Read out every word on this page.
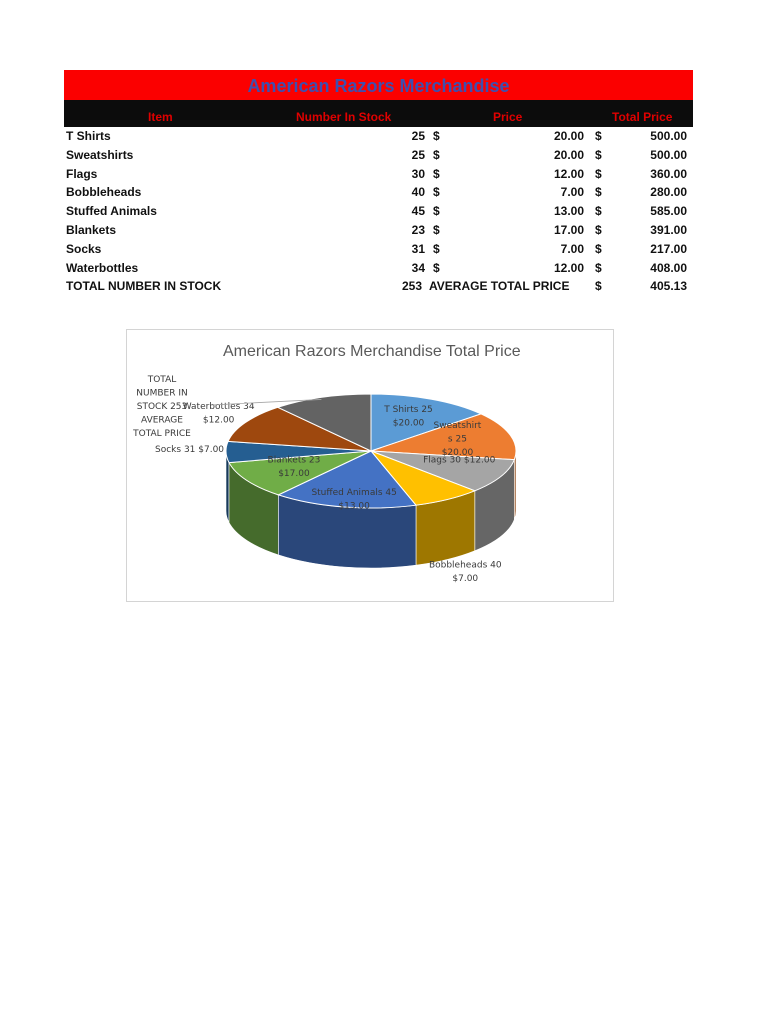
American Razors Merchandise
Item	Number In Stock	Price	Total Price
T Shirts	25 $	20.00 $	500.00
Sweatshirts	25 $	20.00 $	500.00
Flags	30 $	12.00 $	360.00
Bobbleheads	40 $	7.00 $	280.00
Stuffed Animals	45 $	13.00 $	585.00
Blankets	23 $	17.00 $	391.00
Socks	31 $	7.00 $	217.00
Waterbottles	34 $	12.00 $	408.00
TOTAL NUMBER IN STOCK	253 AVERAGE TOTAL PRICE $	405.13
American Razors Merchandise Total Price
T Shirts 25
$20.00 Sweatshirt
s 25
$20.00
Flags 30 $12.00
Bobbleheads 40
$7.00
Stuffed Animals 45
$13.00
Blankets 23
$17.00
Socks 31 $7.00
Waterbottles 34
$12.00
TOTAL
NUMBER IN
STOCK 253
AVERAGE
TOTAL PRICE
